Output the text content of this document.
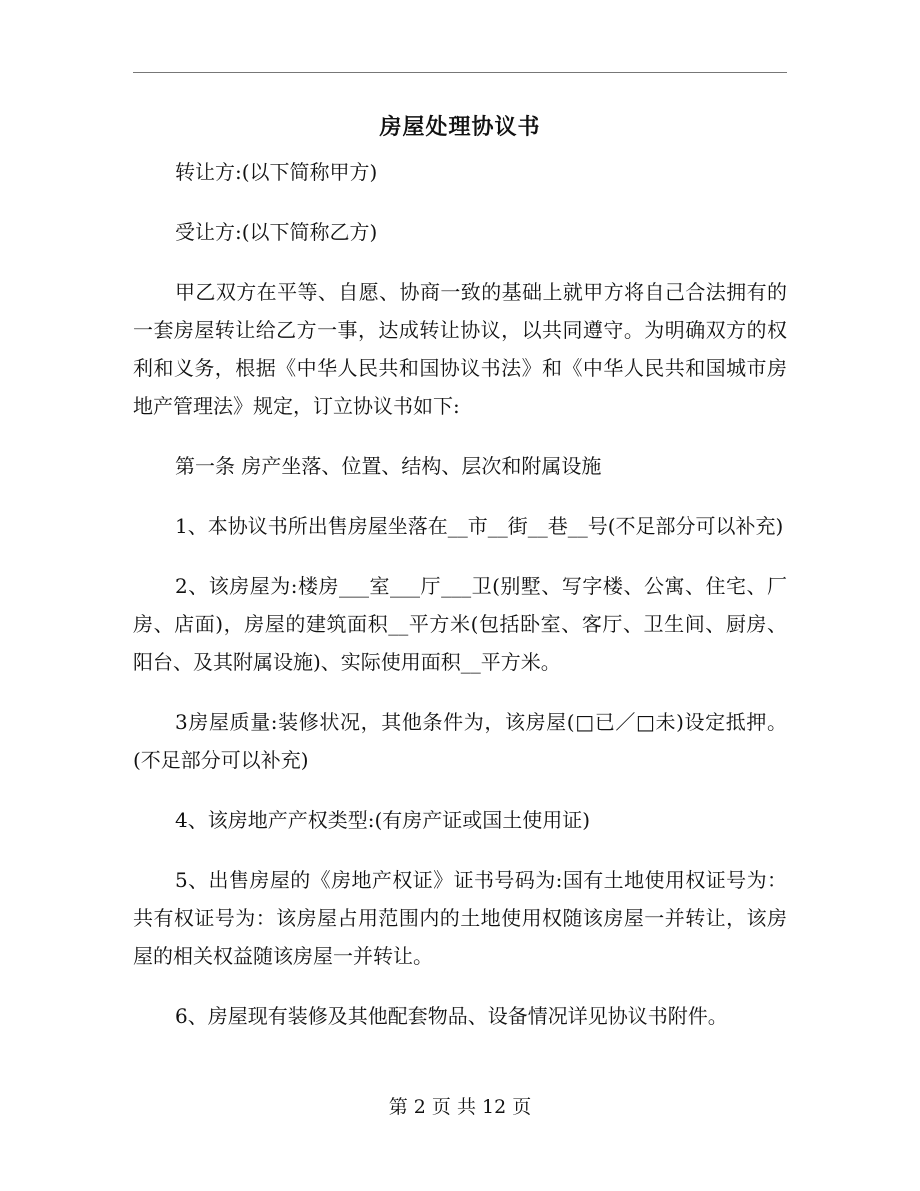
房屋处理协议书

转让方:(以下简称甲方)

受让方:(以下简称乙方)

甲乙双方在平等、自愿、协商一致的基础上就甲方将自己合法拥有的一套房屋转让给乙方一事，达成转让协议，以共同遵守。为明确双方的权利和义务，根据《中华人民共和国协议书法》和《中华人民共和国城市房地产管理法》规定，订立协议书如下:

第一条 房产坐落、位置、结构、层次和附属设施

1、本协议书所出售房屋坐落在__市__街__巷__号(不足部分可以补充)

2、该房屋为:楼房___室___厅___卫(别墅、写字楼、公寓、住宅、厂房、店面)，房屋的建筑面积__平方米(包括卧室、客厅、卫生间、厨房、阳台、及其附属设施)、实际使用面积__平方米。

3房屋质量:装修状况，其他条件为，该房屋(□已／□未)设定抵押。(不足部分可以补充)

4、该房地产产权类型:(有房产证或国土使用证)

5、出售房屋的《房地产权证》证书号码为:国有土地使用权证号为：共有权证号为：该房屋占用范围内的土地使用权随该房屋一并转让，该房屋的相关权益随该房屋一并转让。

6、房屋现有装修及其他配套物品、设备情况详见协议书附件。

第 2 页 共 12 页
